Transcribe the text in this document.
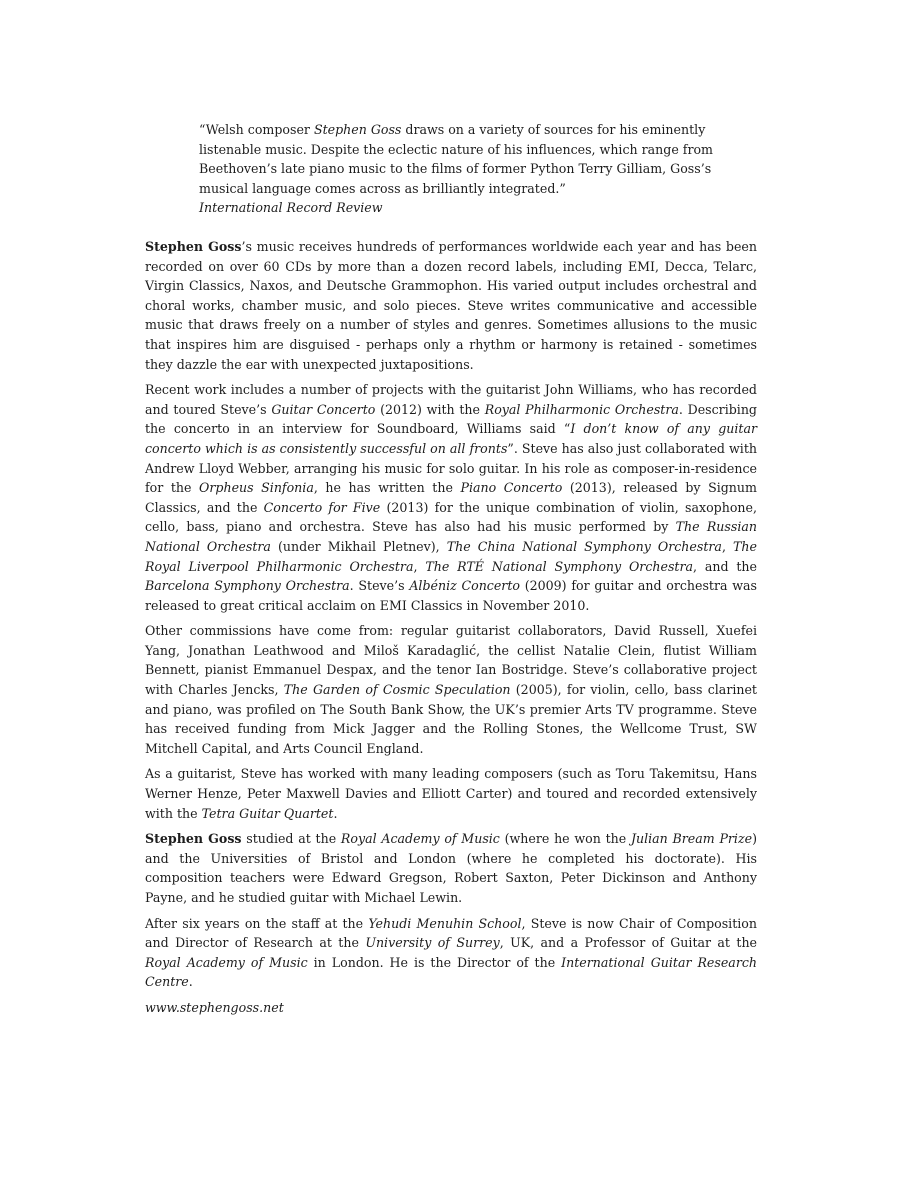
“Welsh composer Stephen Goss draws on a variety of sources for his eminently listenable music. Despite the eclectic nature of his influences, which range from Beethoven’s late piano music to the films of former Python Terry Gilliam, Goss’s musical language comes across as brilliantly integrated.”
International Record Review

Stephen Goss’s music receives hundreds of performances worldwide each year and has been recorded on over 60 CDs by more than a dozen record labels, including EMI, Decca, Telarc, Virgin Classics, Naxos, and Deutsche Grammophon. His varied output includes orchestral and choral works, chamber music, and solo pieces. Steve writes communicative and accessible music that draws freely on a number of styles and genres. Sometimes allusions to the music that inspires him are disguised - perhaps only a rhythm or harmony is retained - sometimes they dazzle the ear with unexpected juxtapositions.

Recent work includes a number of projects with the guitarist John Williams, who has recorded and toured Steve’s Guitar Concerto (2012) with the Royal Philharmonic Orchestra. Describing the concerto in an interview for Soundboard, Williams said “I don’t know of any guitar concerto which is as consistently successful on all fronts”. Steve has also just collaborated with Andrew Lloyd Webber, arranging his music for solo guitar. In his role as composer-in-residence for the Orpheus Sinfonia, he has written the Piano Concerto (2013), released by Signum Classics, and the Concerto for Five (2013) for the unique combination of violin, saxophone, cello, bass, piano and orchestra. Steve has also had his music performed by The Russian National Orchestra (under Mikhail Pletnev), The China National Symphony Orchestra, The Royal Liverpool Philharmonic Orchestra, The RTÉ National Symphony Orchestra, and the Barcelona Symphony Orchestra. Steve’s Albéniz Concerto (2009) for guitar and orchestra was released to great critical acclaim on EMI Classics in November 2010.

Other commissions have come from: regular guitarist collaborators, David Russell, Xuefei Yang, Jonathan Leathwood and Miloš Karadaglić, the cellist Natalie Clein, flutist William Bennett, pianist Emmanuel Despax, and the tenor Ian Bostridge. Steve’s collaborative project with Charles Jencks, The Garden of Cosmic Speculation (2005), for violin, cello, bass clarinet and piano, was profiled on The South Bank Show, the UK’s premier Arts TV programme. Steve has received funding from Mick Jagger and the Rolling Stones, the Wellcome Trust, SW Mitchell Capital, and Arts Council England.

As a guitarist, Steve has worked with many leading composers (such as Toru Takemitsu, Hans Werner Henze, Peter Maxwell Davies and Elliott Carter) and toured and recorded extensively with the Tetra Guitar Quartet.

Stephen Goss studied at the Royal Academy of Music (where he won the Julian Bream Prize) and the Universities of Bristol and London (where he completed his doctorate). His composition teachers were Edward Gregson, Robert Saxton, Peter Dickinson and Anthony Payne, and he studied guitar with Michael Lewin.

After six years on the staff at the Yehudi Menuhin School, Steve is now Chair of Composition and Director of Research at the University of Surrey, UK, and a Professor of Guitar at the Royal Academy of Music in London. He is the Director of the International Guitar Research Centre.

www.stephengoss.net
